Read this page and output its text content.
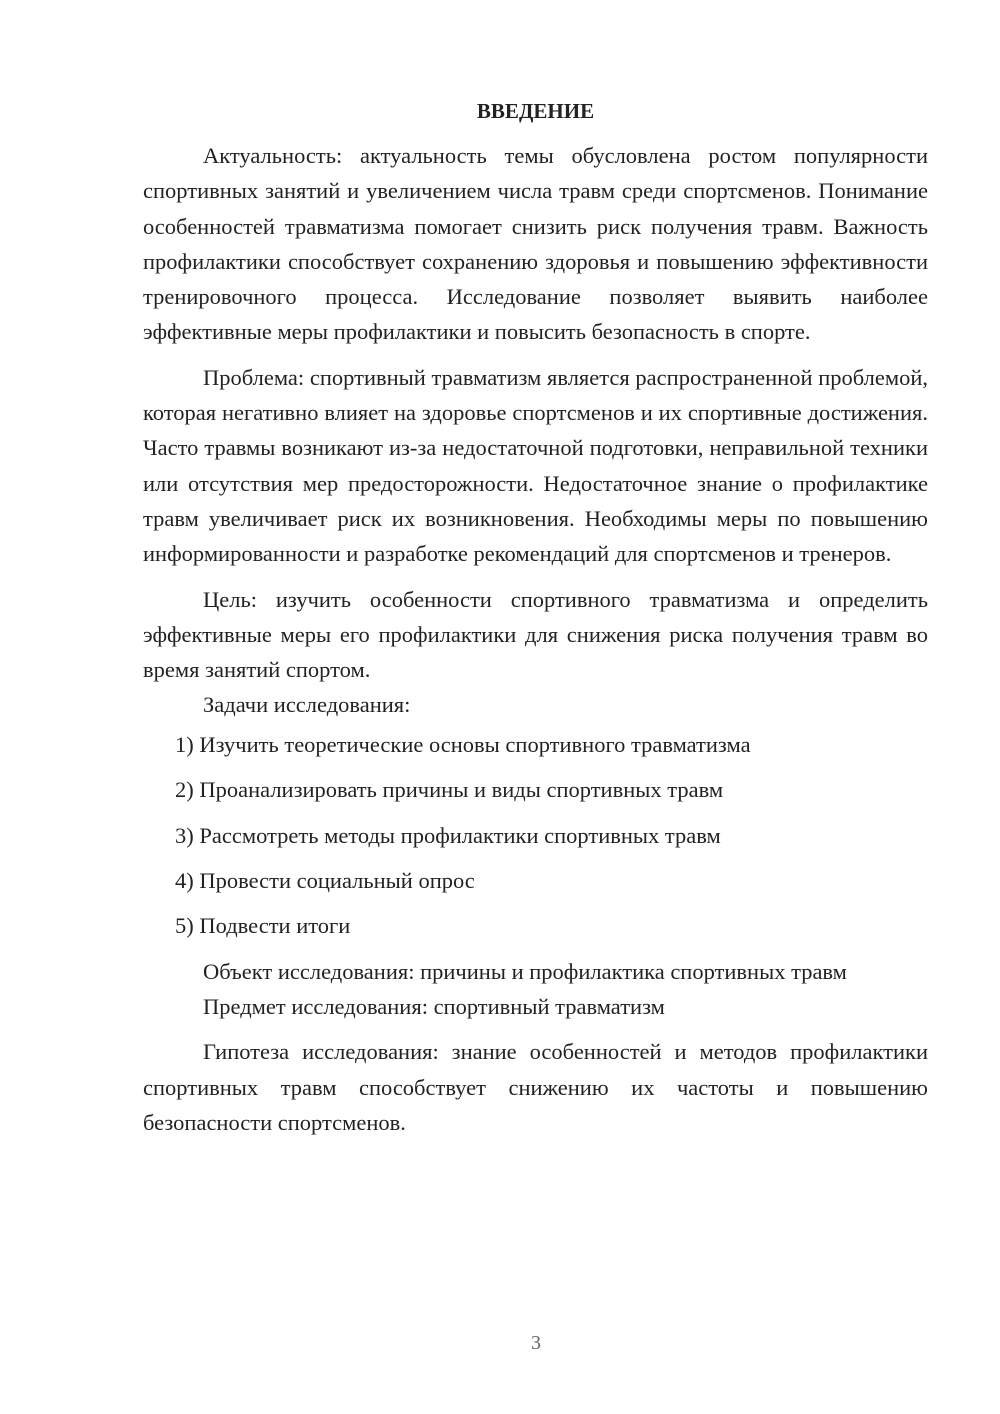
ВВЕДЕНИЕ

Актуальность: актуальность темы обусловлена ростом популярности спортивных занятий и увеличением числа травм среди спортсменов. Понимание особенностей травматизма помогает снизить риск получения травм. Важность профилактики способствует сохранению здоровья и повышению эффективности тренировочного процесса. Исследование позволяет выявить наиболее эффективные меры профилактики и повысить безопасность в спорте.

Проблема: спортивный травматизм является распространенной проблемой, которая негативно влияет на здоровье спортсменов и их спортивные достижения. Часто травмы возникают из-за недостаточной подготовки, неправильной техники или отсутствия мер предосторожности. Недостаточное знание о профилактике травм увеличивает риск их возникновения. Необходимы меры по повышению информированности и разработке рекомендаций для спортсменов и тренеров.

Цель: изучить особенности спортивного травматизма и определить эффективные меры его профилактики для снижения риска получения травм во время занятий спортом.

Задачи исследования:

1) Изучить теоретические основы спортивного травматизма
2) Проанализировать причины и виды спортивных травм
3) Рассмотреть методы профилактики спортивных травм
4) Провести социальный опрос
5) Подвести итоги

Объект исследования: причины и профилактика спортивных травм

Предмет исследования: спортивный травматизм

Гипотеза исследования: знание особенностей и методов профилактики спортивных травм способствует снижению их частоты и повышению безопасности спортсменов.

3
